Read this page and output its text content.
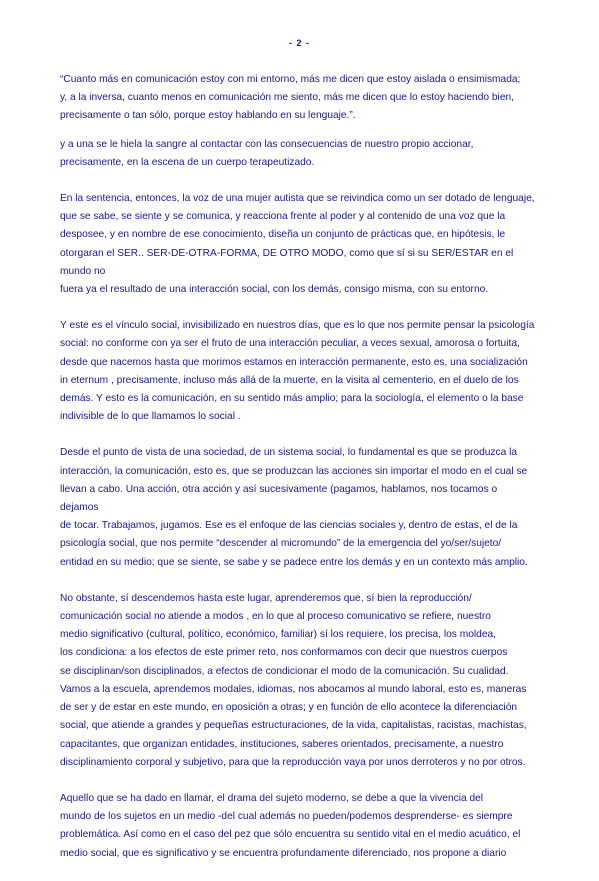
- 2 -

“Cuanto más en comunicación estoy con mi entorno, más me dicen que estoy aislada o ensimismada;
y, a la inversa, cuanto menos en comunicación me siento, más me dicen que lo estoy haciendo bien,
precisamente o tan sólo, porque estoy hablando en su lenguaje.”.

y a una se le hiela la sangre al contactar con las consecuencias de nuestro propio accionar,
precisamente, en la escena de un cuerpo terapeutizado.

En la sentencia, entonces, la voz de una mujer autista que se reivindica como un ser dotado de lenguaje,
que se sabe, se siente y se comunica, y reacciona frente al poder y al contenido de una voz que la
desposee, y en nombre de ese conocimiento, diseña un conjunto de prácticas que, en hipótesis, le
otorgaran el SER.. SER-DE-OTRA-FORMA, DE OTRO MODO, como que sí si su SER/ESTAR en el mundo no
fuera ya el resultado de una interacción social, con los demás, consigo misma, con su entorno.

Y este es el vínculo social, invisibilizado en nuestros días, que es lo que nos permite pensar la psicología
social: no conforme con ya ser el fruto de una interacción peculiar, a veces sexual, amorosa o fortuita,
desde que nacemos hasta que morimos estamos en interacción permanente, esto es, una socialización
in eternum , precisamente, incluso más allá de la muerte, en la visita al cementerio, en el duelo de los
demás. Y esto es la comunicación, en su sentido más amplio; para la sociología, el elemento o la base
indivisible de lo que llamamos lo social .

Desde el punto de vista de una sociedad, de un sistema social, lo fundamental es que se produzca la
interacción, la comunicación, esto es, que se produzcan las acciones sin importar el modo en el cual se
llevan a cabo. Una acción, otra acción y así sucesivamente (pagamos, hablamos, nos tocamos o dejamos
de tocar. Trabajamos, jugamos. Ese es el enfoque de las ciencias sociales y, dentro de estas, el de la
psicología social, que nos permite “descender al micromundo” de la emergencia del yo/ser/sujeto/
entidad en su medio; que se siente, se sabe y se padece entre los demás y en un contexto más amplio.

No obstante, sí descendemos hasta este lugar, aprenderemos que, sí bien la reproducción/
comunicación social no atiende a modos , en lo que al proceso comunicativo se refiere, nuestro
medio significativo (cultural, político, económico, familiar) sí los requiere, los precisa, los moldea,
los condiciona: a los efectos de este primer reto, nos conformamos con decir que nuestros cuerpos
se disciplinan/son disciplinados, a efectos de condicionar el modo de la comunicación. Su cualidad.
Vamos a la escuela, aprendemos modales, idiomas, nos abocamos al mundo laboral, esto es, maneras
de ser y de estar en este mundo, en oposición a otras; y en función de ello acontece la diferenciación
social, que atiende a grandes y pequeñas estructuraciones, de la vida, capitalistas, racistas, machistas,
capacitantes, que organizan entidades, instituciones, saberes orientados, precisamente, a nuestro
disciplinamiento corporal y subjetivo, para que la reproducción vaya por unos derroteros y no por otros.

Aquello que se ha dado en llamar, el drama del sujeto moderno, se debe a que la vivencia del
mundo de los sujetos en un medio -del cual además no pueden/podemos desprenderse- es siempre
problemática. Así como en el caso del pez que sólo encuentra su sentido vital en el medio acuático, el
medio social, que es significativo y se encuentra profundamente diferenciado, nos propone a diario
